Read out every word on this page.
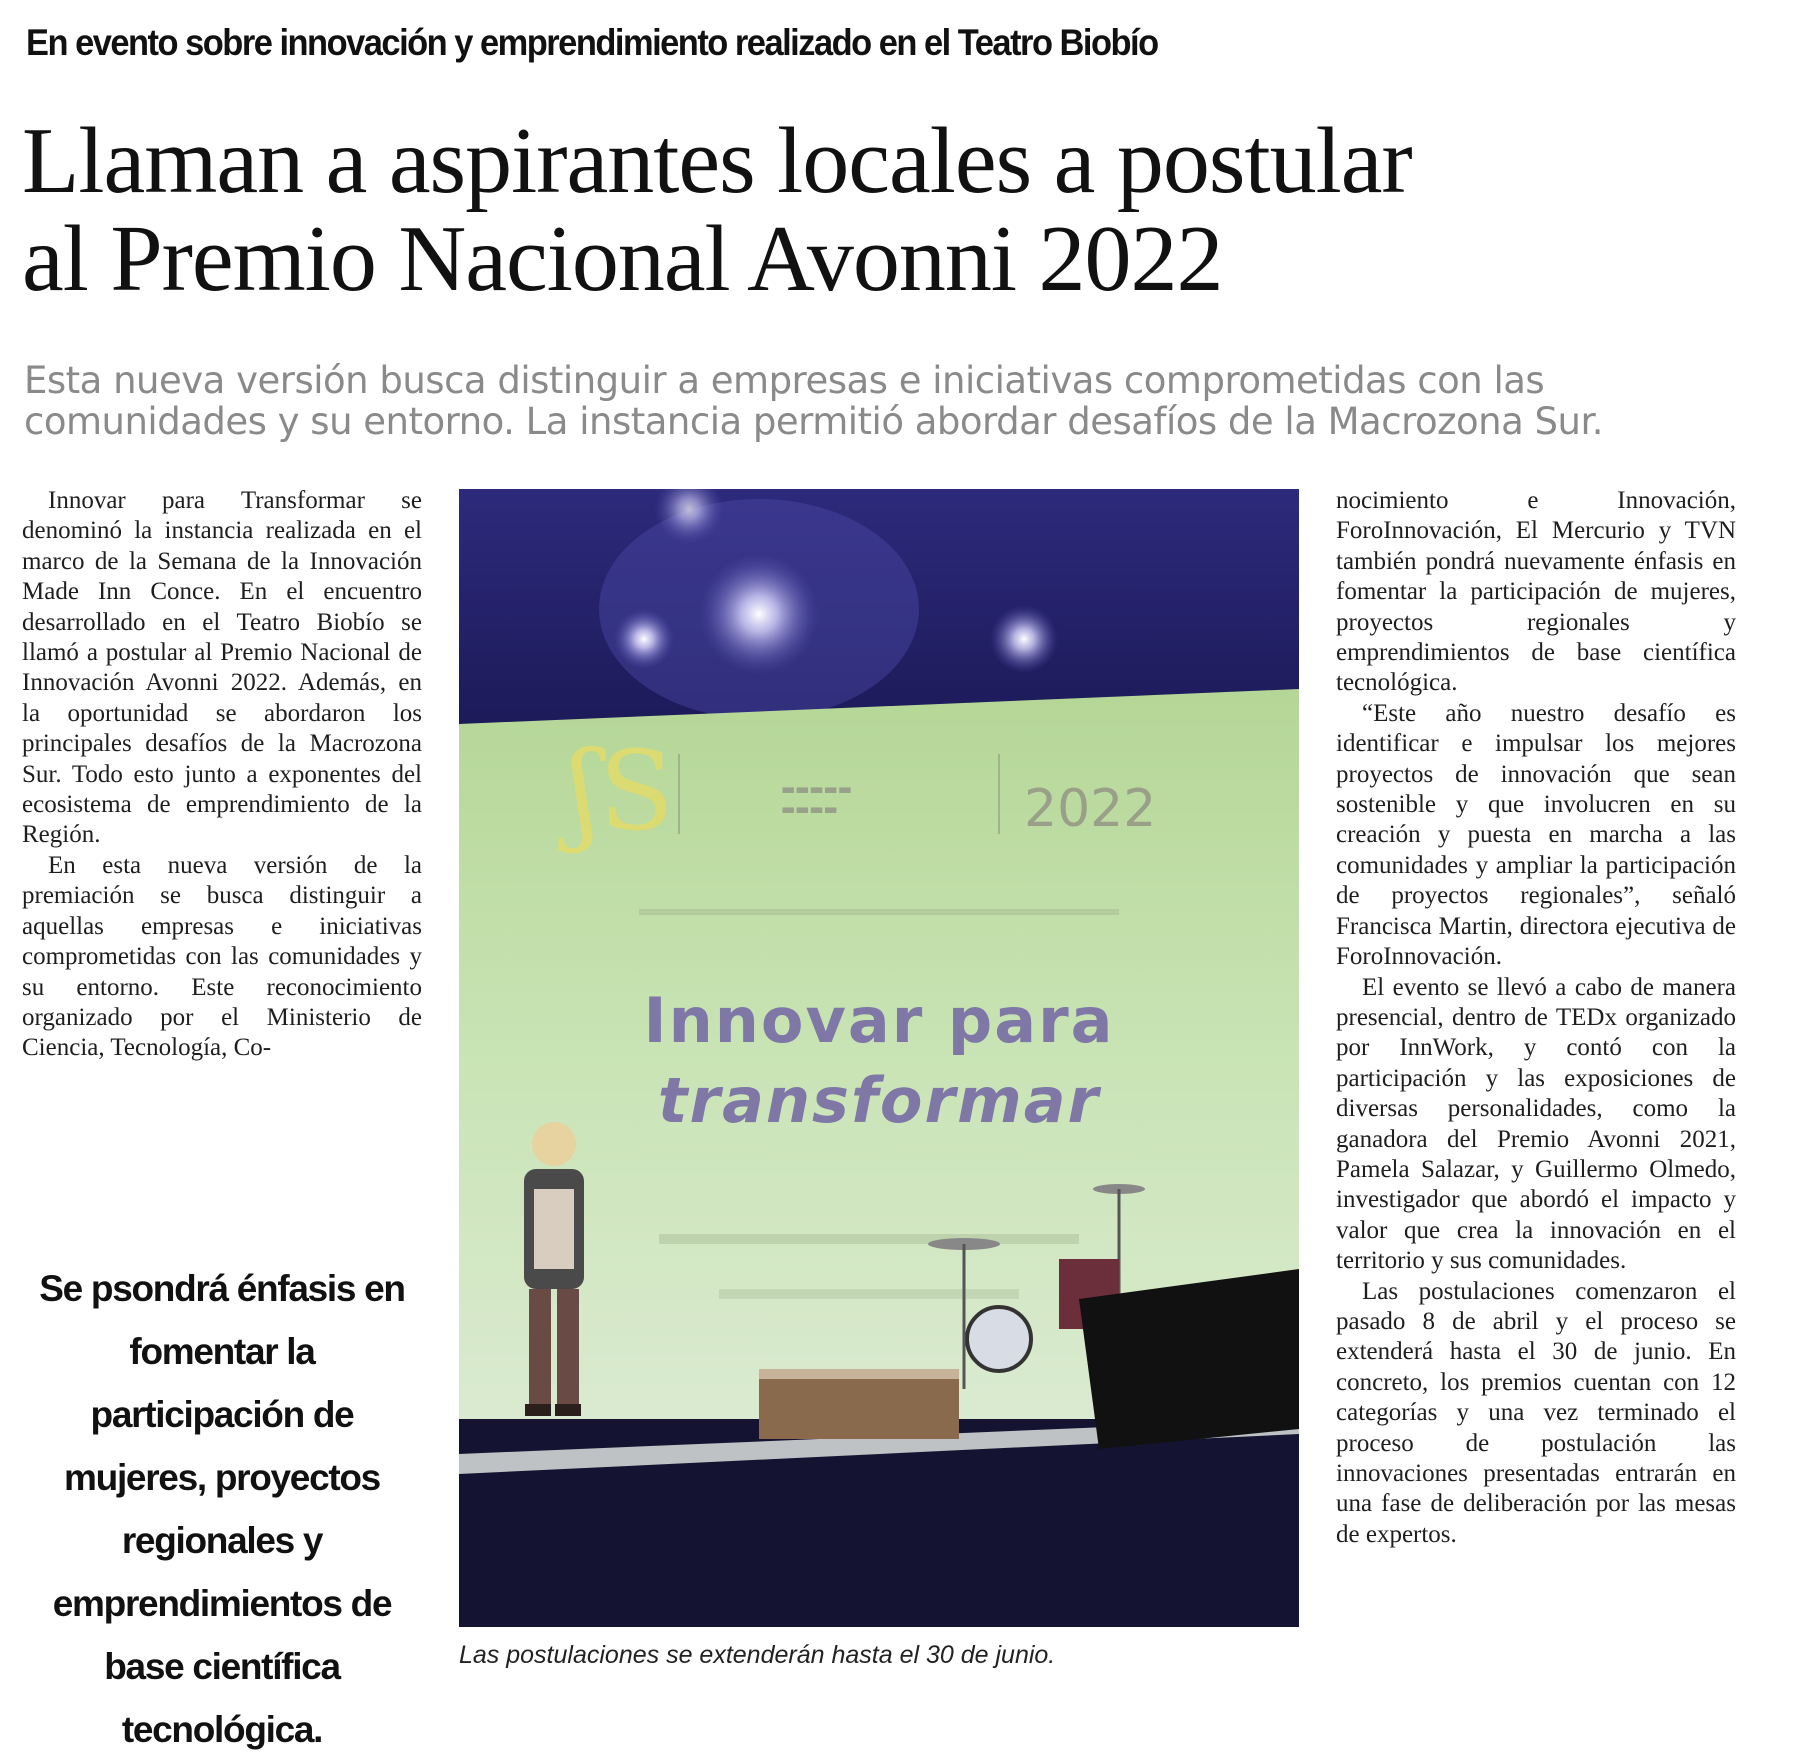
En evento sobre innovación y emprendimiento realizado en el Teatro Biobío
Llaman a aspirantes locales a postular
al Premio Nacional Avonni 2022
Esta nueva versión busca distinguir a empresas e iniciativas comprometidas con las
comunidades y su entorno. La instancia permitió abordar desafíos de la Macrozona Sur.

Innovar para Transformar se denominó la instancia realizada en el marco de la Semana de la Innovación Made Inn Conce. En el encuentro desarrollado en el Teatro Biobío se llamó a postular al Premio Nacional de Innovación Avonni 2022. Además, en la oportunidad se abordaron los principales desafíos de la Macrozona Sur. Todo esto junto a exponentes del ecosistema de emprendimiento de la Región.

En esta nueva versión de la premiación se busca distinguir a aquellas empresas e iniciativas comprometidas con las comunidades y su entorno. Este reconocimiento organizado por el Ministerio de Ciencia, Tecnología, Co-

Se psondrá énfasis en fomentar la participación de mujeres, proyectos regionales y emprendimientos de base científica tecnológica.
ʃS	▬▬▬▬▬
▬▬▬▬	2022
Innovar para
transformar
Las postulaciones se extenderán hasta el 30 de junio.

nocimiento e Innovación, ForoInnovación, El Mercurio y TVN también pondrá nuevamente énfasis en fomentar la participación de mujeres, proyectos regionales y emprendimientos de base científica tecnológica.

“Este año nuestro desafío es identificar e impulsar los mejores proyectos de innovación que sean sostenible y que involucren en su creación y puesta en marcha a las comunidades y ampliar la participación de proyectos regionales”, señaló Francisca Martin, directora ejecutiva de ForoInnovación.

El evento se llevó a cabo de manera presencial, dentro de TEDx organizado por InnWork, y contó con la participación y las exposiciones de diversas personalidades, como la ganadora del Premio Avonni 2021, Pamela Salazar, y Guillermo Olmedo, investigador que abordó el impacto y valor que crea la innovación en el territorio y sus comunidades.

Las postulaciones comenzaron el pasado 8 de abril y el proceso se extenderá hasta el 30 de junio. En concreto, los premios cuentan con 12 categorías y una vez terminado el proceso de postulación las innovaciones presentadas entrarán en una fase de deliberación por las mesas de expertos.
